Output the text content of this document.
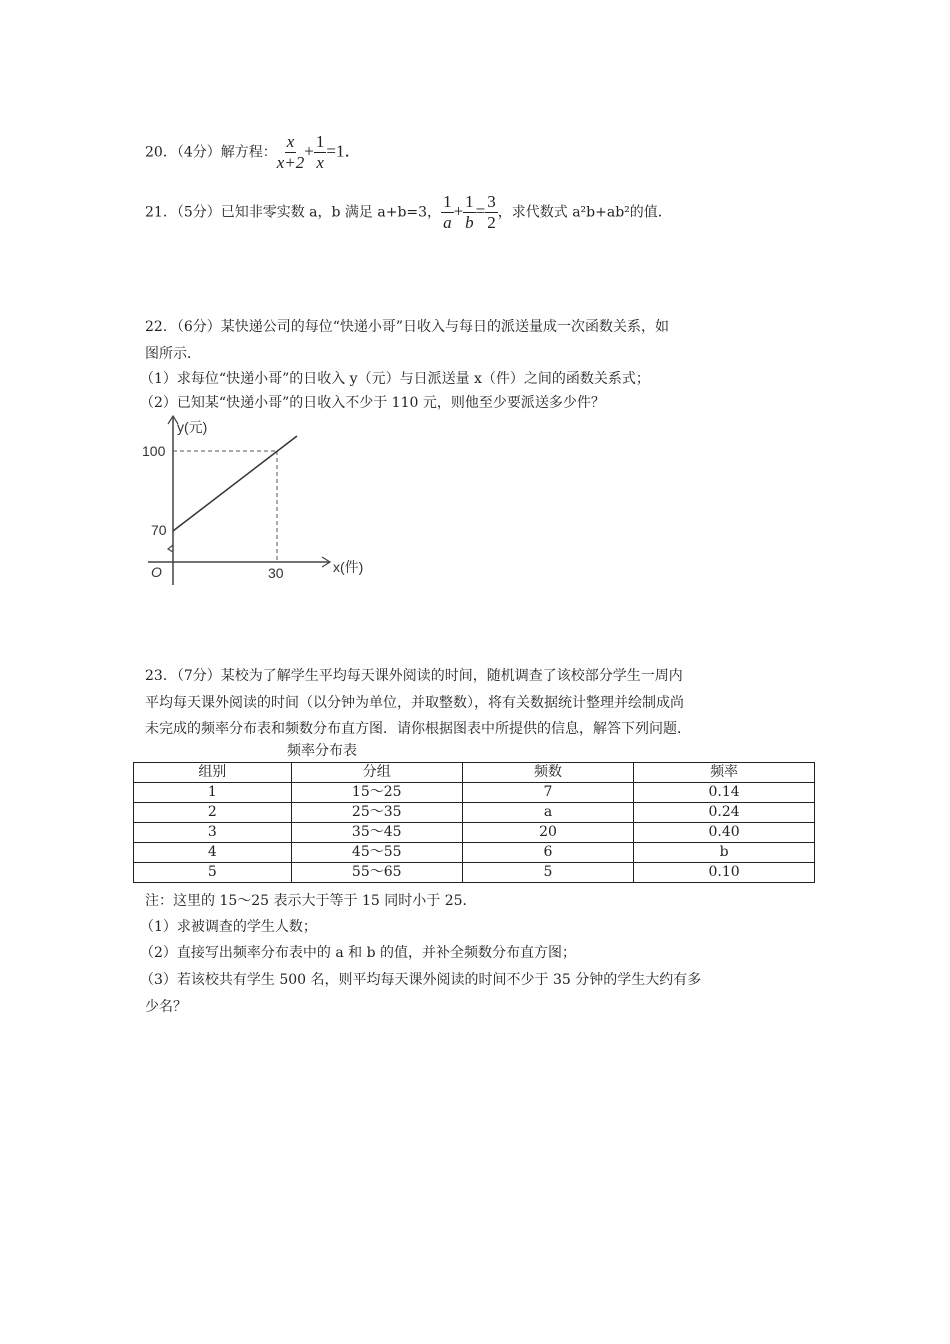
20．（4分）解方程： $\frac{x}{x+2} + \frac{1}{x} =1$．
21．（5分）已知非零实数 a，b 满足 a+b=3， $\frac{1}{a} + \frac{1}{b} = \frac{3}{2}$ ，求代数式 a²b+ab²的值．
22．（6分）某快递公司的每位“快递小哥”日收入与每日的派送量成一次函数关系，如
图所示．
（1）求每位“快递小哥”的日收入 y（元）与日派送量 x（件）之间的函数关系式；
（2）已知某“快递小哥”的日收入不少于 110 元，则他至少要派送多少件？
y(元)
100
70
O	30	x(件)
23．（7分）某校为了解学生平均每天课外阅读的时间，随机调查了该校部分学生一周内
平均每天课外阅读的时间（以分钟为单位，并取整数），将有关数据统计整理并绘制成尚
未完成的频率分布表和频数分布直方图．请你根据图表中所提供的信息，解答下列问题．
频率分布表
组别	分组	频数	频率
1	15～25	7	0.14
2	25～35	a	0.24
3	35～45	20	0.40
4	45～55	6	b
5	55～65	5	0.10
注：这里的 15～25 表示大于等于 15 同时小于 25．
（1）求被调查的学生人数；
（2）直接写出频率分布表中的 a 和 b 的值，并补全频数分布直方图；
（3）若该校共有学生 500 名，则平均每天课外阅读的时间不少于 35 分钟的学生大约有多
少名？
